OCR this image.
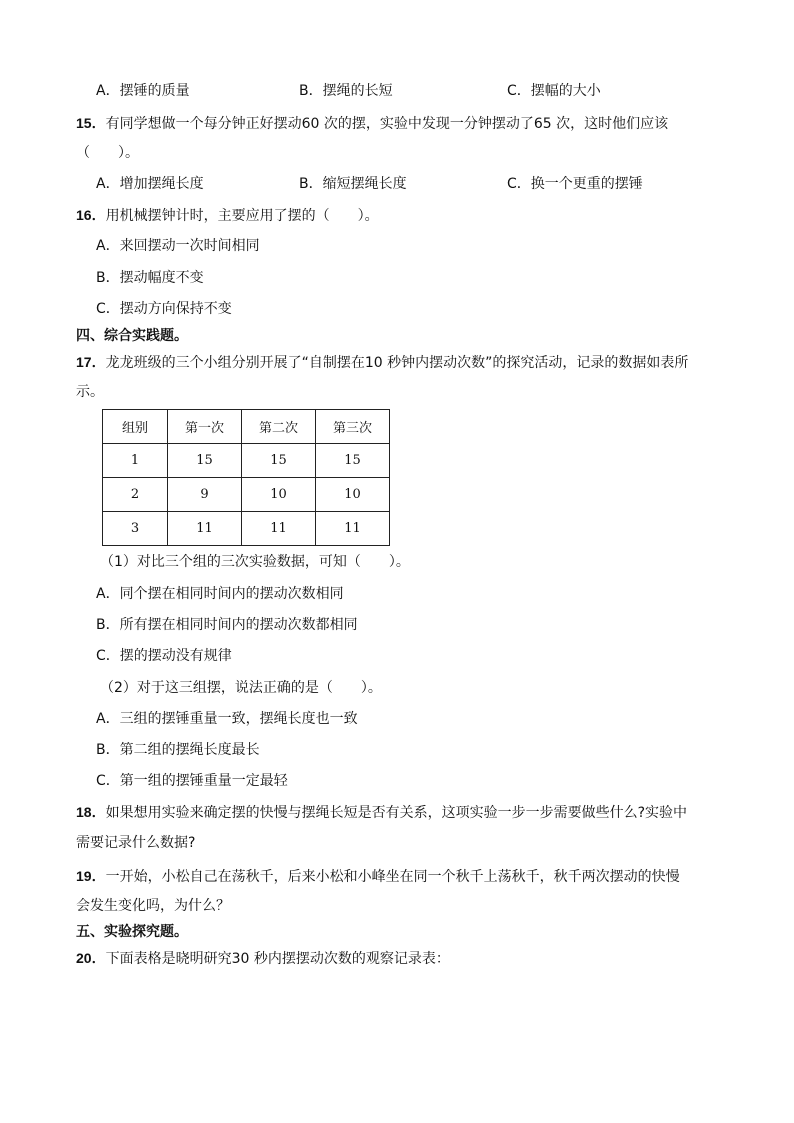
A．摆锤的质量	B．摆绳的长短	C．摆幅的大小
15．有同学想做一个每分钟正好摆动60 次的摆，实验中发现一分钟摆动了65 次，这时他们应该
（　　）。
A．增加摆绳长度	B．缩短摆绳长度	C．换一个更重的摆锤
16．用机械摆钟计时，主要应用了摆的（　　）。
A．来回摆动一次时间相同
B．摆动幅度不变
C．摆动方向保持不变
四、综合实践题。
17．龙龙班级的三个小组分别开展了“自制摆在10 秒钟内摆动次数”的探究活动，记录的数据如表所
示。
组别	第一次	第二次	第三次
1	15	15	15
2	9	10	10
3	11	11	11
（1）对比三个组的三次实验数据，可知（　　）。
A．同个摆在相同时间内的摆动次数相同
B．所有摆在相同时间内的摆动次数都相同
C．摆的摆动没有规律
（2）对于这三组摆，说法正确的是（　　）。
A．三组的摆锤重量一致，摆绳长度也一致
B．第二组的摆绳长度最长
C．第一组的摆锤重量一定最轻
18．如果想用实验来确定摆的快慢与摆绳长短是否有关系，这项实验一步一步需要做些什么?实验中
需要记录什么数据?
19．一开始，小松自己在荡秋千，后来小松和小峰坐在同一个秋千上荡秋千，秋千两次摆动的快慢
会发生变化吗，为什么？
五、实验探究题。
20．下面表格是晓明研究30 秒内摆摆动次数的观察记录表：
